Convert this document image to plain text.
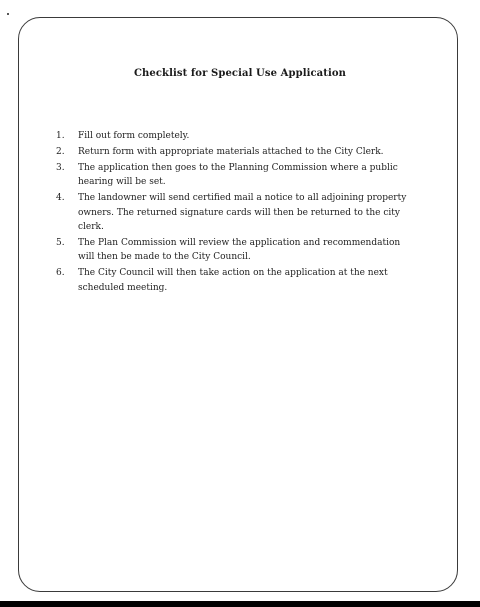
Checklist for Special Use Application
1.	Fill out form completely.
2.	Return form with appropriate materials attached to the City Clerk.
3.	The application then goes to the Planning Commission where a public hearing will be set.
4.	The landowner will send certified mail a notice to all adjoining property owners. The returned signature cards will then be returned to the city clerk.
5.	The Plan Commission will review the application and recommendation will then be made to the City Council.
6.	The City Council will then take action on the application at the next scheduled meeting.
